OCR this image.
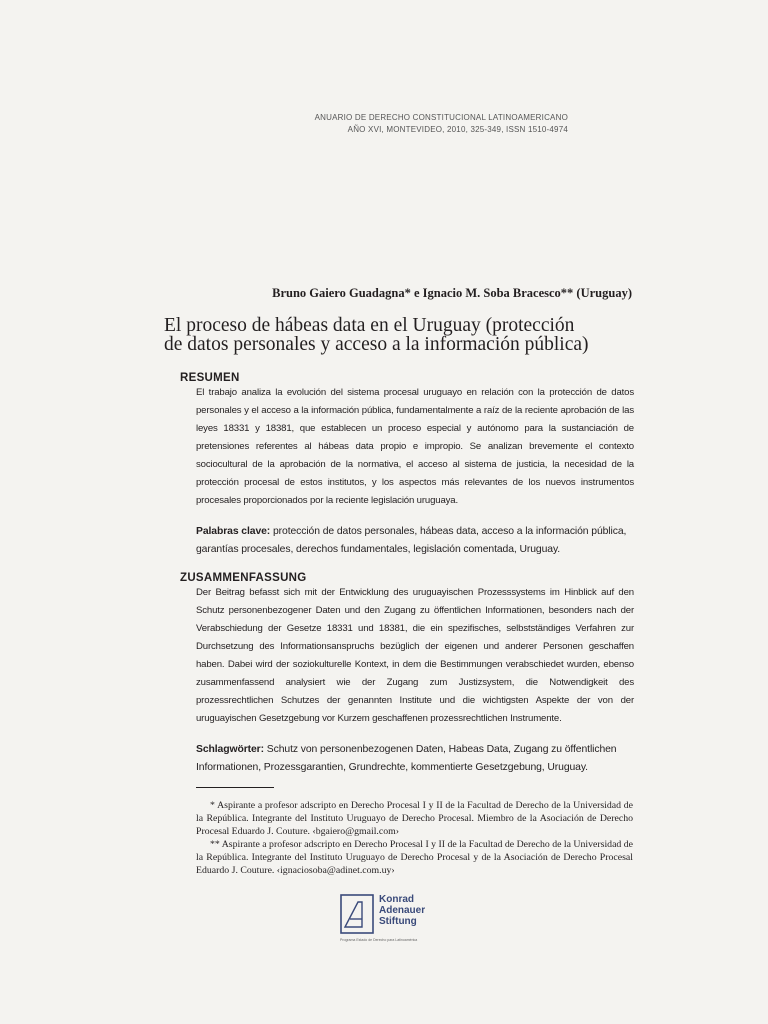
ANUARIO DE DERECHO CONSTITUCIONAL LATINOAMERICANO
AÑO XVI, MONTEVIDEO, 2010, 325-349, ISSN 1510-4974
Bruno Gaiero Guadagna* e Ignacio M. Soba Bracesco** (Uruguay)
El proceso de hábeas data en el Uruguay (protección
de datos personales y acceso a la información pública)
RESUMEN
El trabajo analiza la evolución del sistema procesal uruguayo en relación con la protección de datos personales y el acceso a la información pública, fundamentalmente a raíz de la reciente aprobación de las leyes 18331 y 18381, que establecen un proceso especial y autónomo para la sustanciación de pretensiones referentes al hábeas data propio e impropio. Se analizan brevemente el contexto sociocultural de la aprobación de la normativa, el acceso al sistema de justicia, la necesidad de la protección procesal de estos institutos, y los aspectos más relevantes de los nuevos instrumentos procesales proporcionados por la reciente legislación uruguaya.
Palabras clave: protección de datos personales, hábeas data, acceso a la información pública, garantías procesales, derechos fundamentales, legislación comentada, Uruguay.
ZUSAMMENFASSUNG
Der Beitrag befasst sich mit der Entwicklung des uruguayischen Prozesssystems im Hinblick auf den Schutz personenbezogener Daten und den Zugang zu öffentlichen Informationen, besonders nach der Verabschiedung der Gesetze 18331 und 18381, die ein spezifisches, selbstständiges Verfahren zur Durchsetzung des Informationsanspruchs bezüglich der eigenen und anderer Personen geschaffen haben. Dabei wird der soziokulturelle Kontext, in dem die Bestimmungen verabschiedet wurden, ebenso zusammenfassend analysiert wie der Zugang zum Justizsystem, die Notwendigkeit des prozessrechtlichen Schutzes der genannten Institute und die wichtigsten Aspekte der von der uruguayischen Gesetzgebung vor Kurzem geschaffenen prozessrechtlichen Instrumente.
Schlagwörter: Schutz von personenbezogenen Daten, Habeas Data, Zugang zu öffentlichen Informationen, Prozessgarantien, Grundrechte, kommentierte Gesetzgebung, Uruguay.

* Aspirante a profesor adscripto en Derecho Procesal I y II de la Facultad de Derecho de la Universidad de la República. Integrante del Instituto Uruguayo de Derecho Procesal. Miembro de la Asociación de Derecho Procesal Eduardo J. Couture. ‹bgaiero@gmail.com›

** Aspirante a profesor adscripto en Derecho Procesal I y II de la Facultad de Derecho de la Universidad de la República. Integrante del Instituto Uruguayo de Derecho Procesal y de la Asociación de Derecho Procesal Eduardo J. Couture. ‹ignaciosoba@adinet.com.uy›

Konrad
Adenauer
Stiftung
Programa Estado de Derecho para Latinoamérica
